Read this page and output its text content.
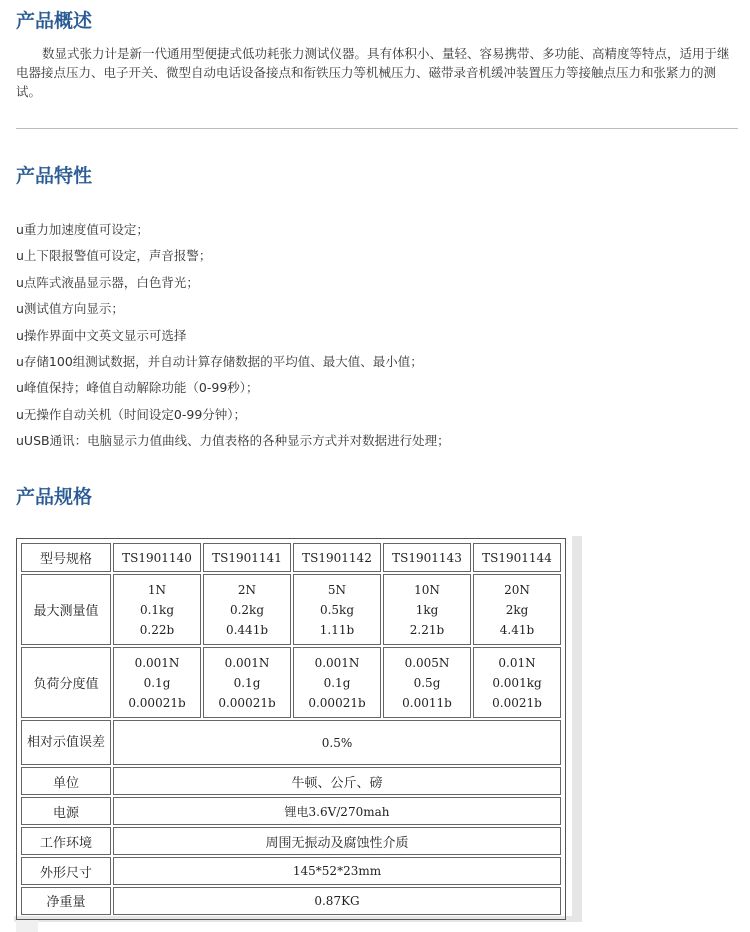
产品概述

数显式张力计是新一代通用型便捷式低功耗张力测试仪器。具有体积小、量轻、容易携带、多功能、高精度等特点，适用于继电器接点压力、电子开关、微型自动电话设备接点和衔铁压力等机械压力、磁带录音机缓冲装置压力等接触点压力和张紧力的测试。

产品特性
u重力加速度值可设定；
u上下限报警值可设定，声音报警；
u点阵式液晶显示器，白色背光；
u测试值方向显示；
u操作界面中文英文显示可选择
u存储100组测试数据，并自动计算存储数据的平均值、最大值、最小值；
u峰值保持；峰值自动解除功能（0-99秒）；
u无操作自动关机（时间设定0-99分钟）；
uUSB通讯：电脑显示力值曲线、力值表格的各种显示方式并对数据进行处理；
产品规格
型号规格	TS1901140	TS1901141	TS1901142	TS1901143	TS1901144
最大测量值	1N
0.1kg
0.22b	2N
0.2kg
0.441b	5N
0.5kg
1.11b	10N
1kg
2.21b	20N
2kg
4.41b

负荷分度值	0.001N
0.1g
0.00021b	0.001N
0.1g
0.00021b	0.001N
0.1g
0.00021b	0.005N
0.5g
0.0011b	0.01N
0.001kg
0.0021b

相对示值误差	0.5%				
单位	牛顿、公斤、磅				
电源	锂电3.6V/270mah				
工作环境	周围无振动及腐蚀性介质				
外形尺寸	145*52*23mm				
净重量	0.87KG				
